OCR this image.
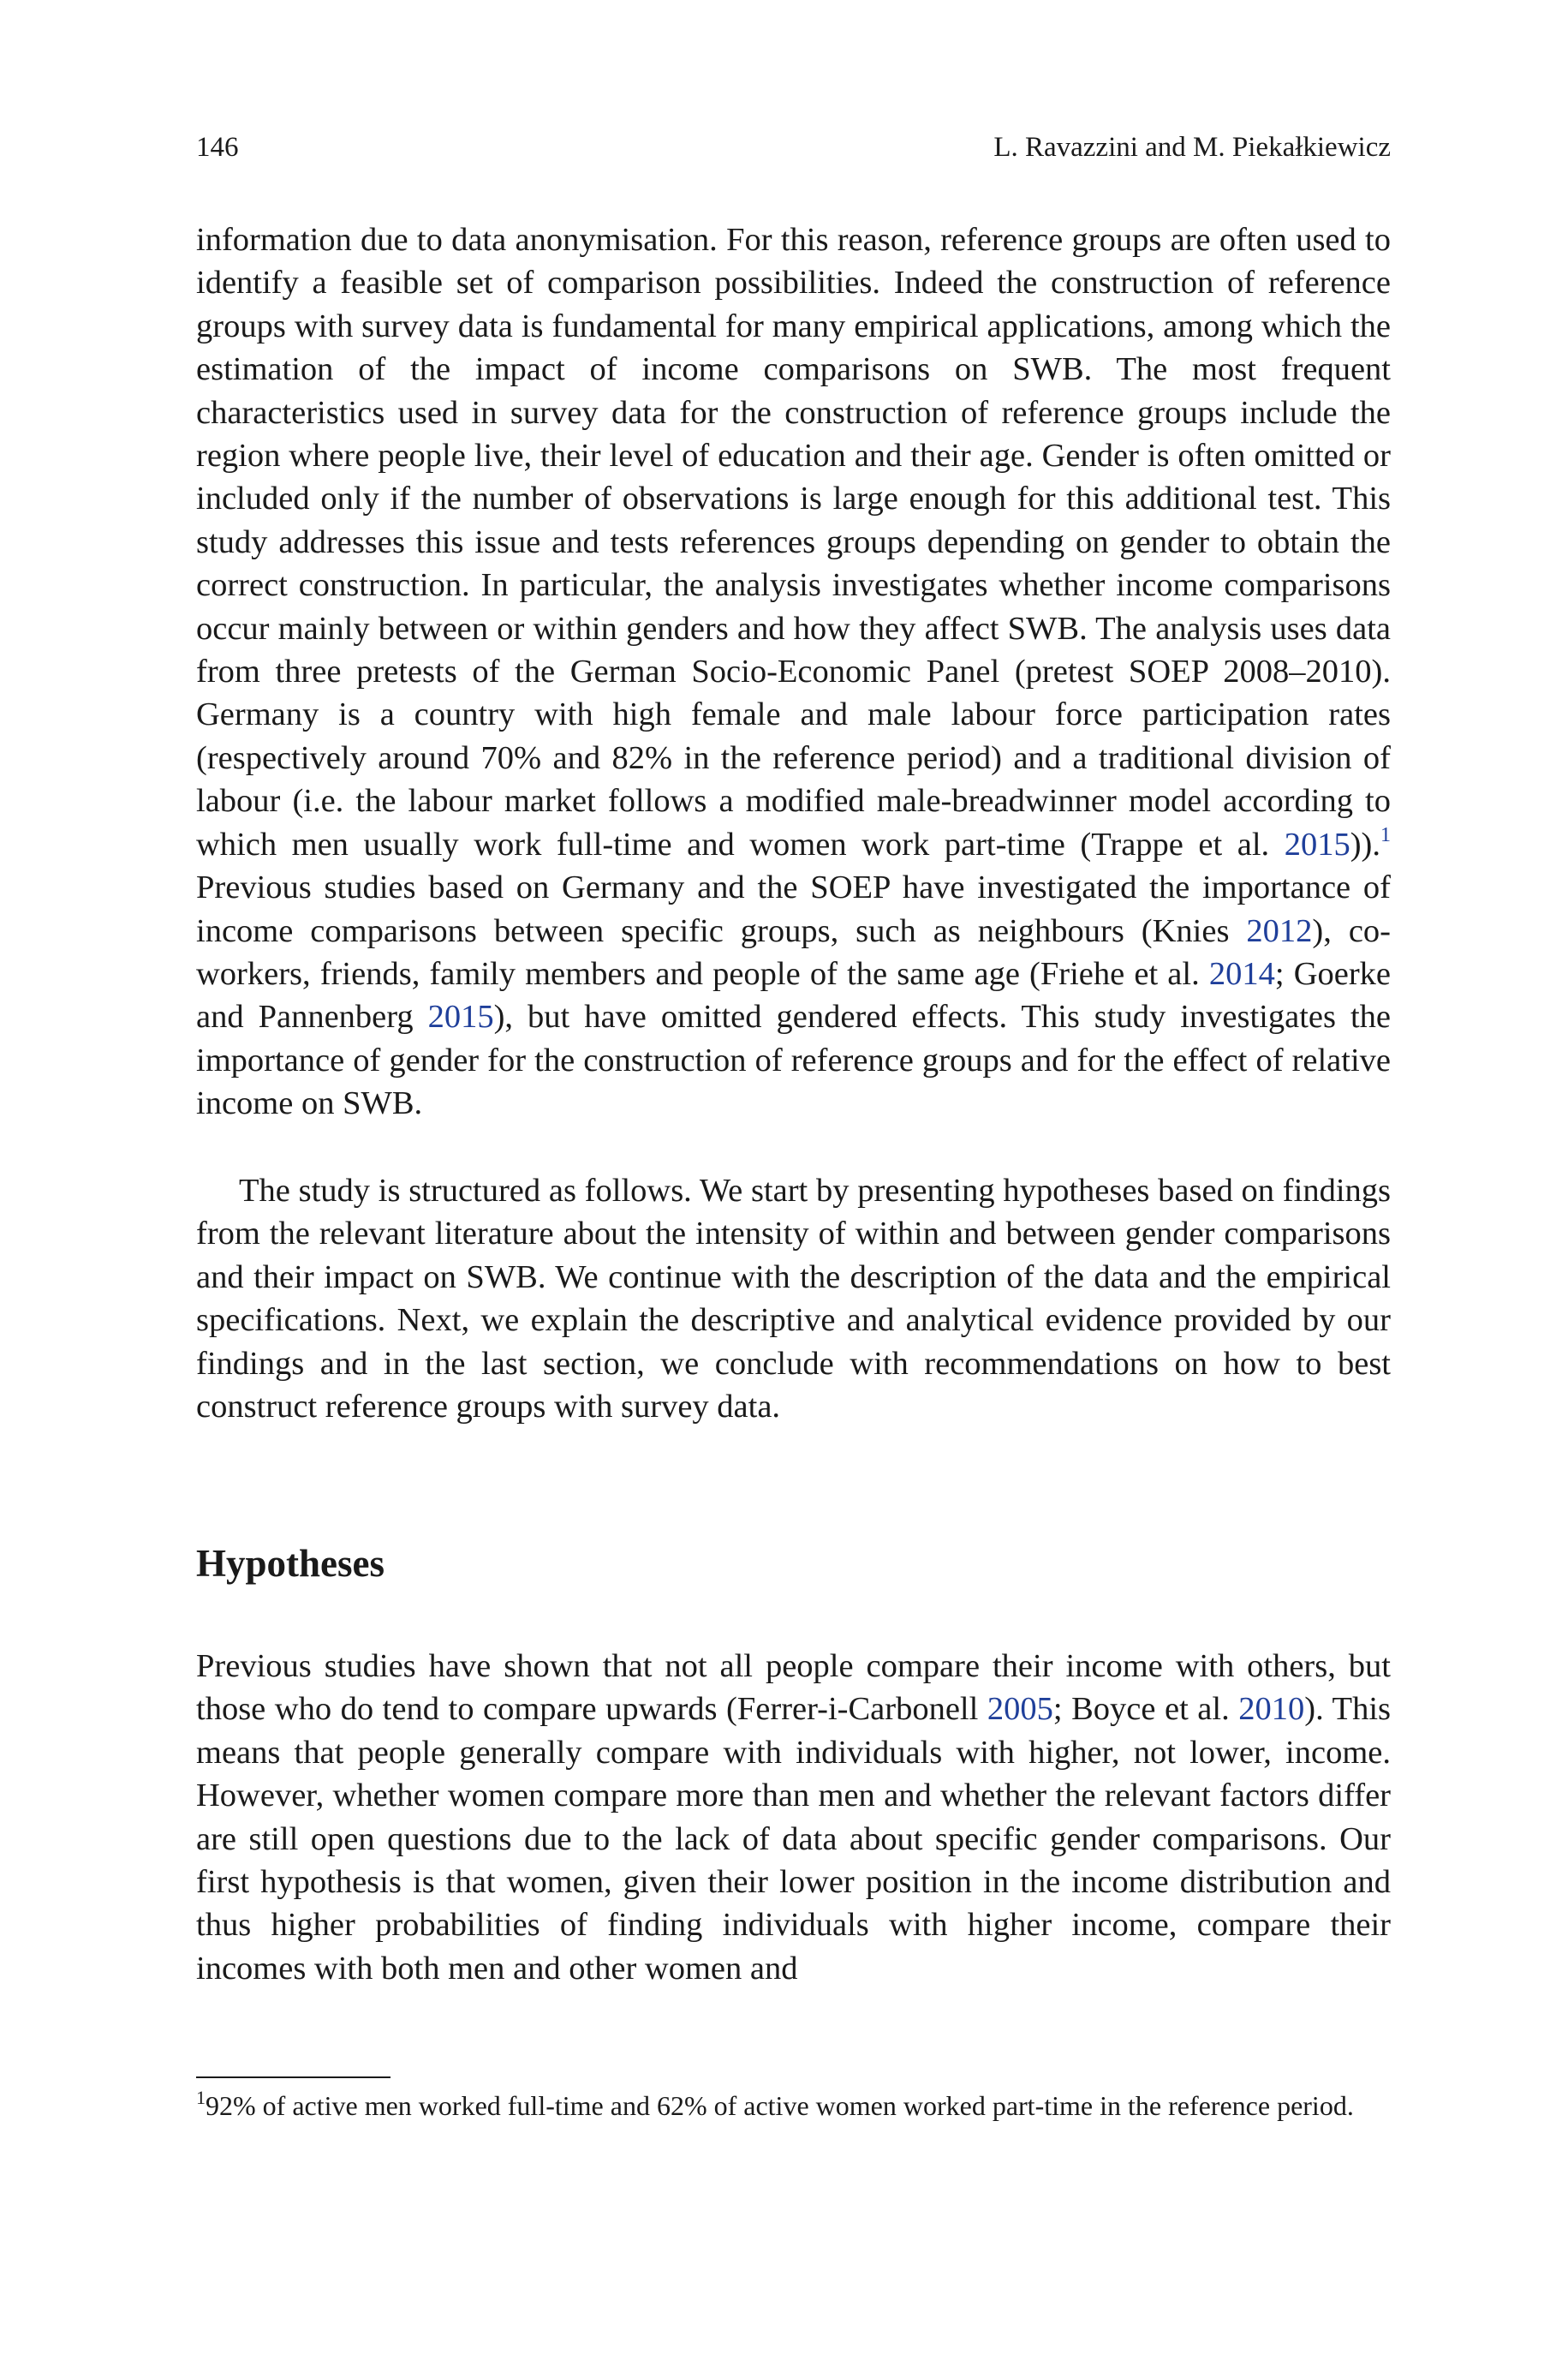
146	L. Ravazzini and M. Piekałkiewicz

information due to data anonymisation. For this reason, reference groups are often used to identify a feasible set of comparison possibilities. Indeed the construction of reference groups with survey data is fundamental for many empirical applications, among which the estimation of the impact of income comparisons on SWB. The most frequent characteristics used in survey data for the construction of reference groups include the region where people live, their level of education and their age. Gender is often omitted or included only if the number of observations is large enough for this additional test. This study addresses this issue and tests references groups depending on gender to obtain the correct construction. In particular, the analysis investigates whether income comparisons occur mainly between or within genders and how they affect SWB. The analysis uses data from three pretests of the German Socio-Economic Panel (pretest SOEP 2008–2010). Germany is a country with high female and male labour force participation rates (respectively around 70% and 82% in the reference period) and a traditional division of labour (i.e. the labour market follows a modified male-breadwinner model according to which men usually work full-time and women work part-time (Trappe et al. 2015)).$^1$ Previous studies based on Germany and the SOEP have investigated the importance of income comparisons between specific groups, such as neighbours (Knies 2012), co-workers, friends, family members and people of the same age (Friehe et al. 2014; Goerke and Pannenberg 2015), but have omitted gendered effects. This study investigates the importance of gender for the construction of reference groups and for the effect of relative income on SWB.

The study is structured as follows. We start by presenting hypotheses based on findings from the relevant literature about the intensity of within and between gender comparisons and their impact on SWB. We continue with the description of the data and the empirical specifications. Next, we explain the descriptive and analytical evidence provided by our findings and in the last section, we conclude with recommendations on how to best construct reference groups with survey data.

Hypotheses

Previous studies have shown that not all people compare their income with others, but those who do tend to compare upwards (Ferrer-i-Carbonell 2005; Boyce et al. 2010). This means that people generally compare with individuals with higher, not lower, income. However, whether women compare more than men and whether the relevant factors differ are still open questions due to the lack of data about specific gender comparisons. Our first hypothesis is that women, given their lower position in the income distribution and thus higher probabilities of finding individuals with higher income, compare their incomes with both men and other women and

$^1$92% of active men worked full-time and 62% of active women worked part-time in the reference period.
